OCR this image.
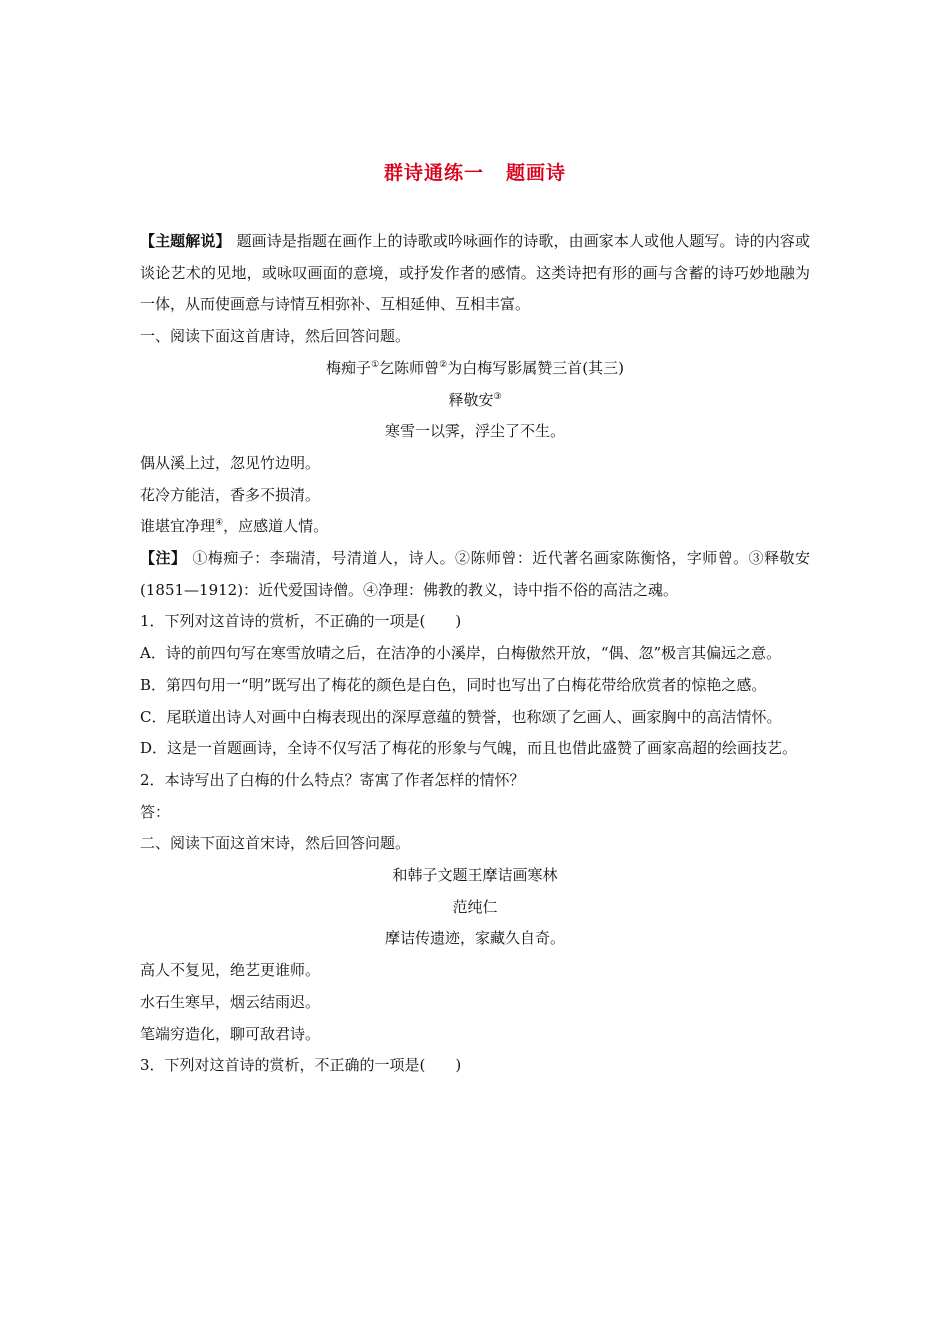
群诗通练一 题画诗

【主题解说】 题画诗是指题在画作上的诗歌或吟咏画作的诗歌，由画家本人或他人题写。诗的内容或谈论艺术的见地，或咏叹画面的意境，或抒发作者的感情。这类诗把有形的画与含蓄的诗巧妙地融为一体，从而使画意与诗情互相弥补、互相延伸、互相丰富。

一、阅读下面这首唐诗，然后回答问题。

梅痴子①乞陈师曾②为白梅写影属赞三首(其三)

释敬安③

寒雪一以霁，浮尘了不生。

偶从溪上过，忽见竹边明。

花冷方能洁，香多不损清。

谁堪宜净理④，应感道人情。

【注】 ①梅痴子：李瑞清，号清道人，诗人。②陈师曾：近代著名画家陈衡恪，字师曾。③释敬安(1851—1912)：近代爱国诗僧。④净理：佛教的教义，诗中指不俗的高洁之魂。

1．下列对这首诗的赏析，不正确的一项是(　　)

A．诗的前四句写在寒雪放晴之后，在洁净的小溪岸，白梅傲然开放，“偶、忽”极言其偏远之意。

B．第四句用一“明”既写出了梅花的颜色是白色，同时也写出了白梅花带给欣赏者的惊艳之感。

C．尾联道出诗人对画中白梅表现出的深厚意蕴的赞誉，也称颂了乞画人、画家胸中的高洁情怀。

D．这是一首题画诗，全诗不仅写活了梅花的形象与气魄，而且也借此盛赞了画家高超的绘画技艺。

2．本诗写出了白梅的什么特点？寄寓了作者怎样的情怀？

答：

二、阅读下面这首宋诗，然后回答问题。

和韩子文题王摩诘画寒林

范纯仁

摩诘传遗迹，家藏久自奇。

高人不复见，绝艺更谁师。

水石生寒早，烟云结雨迟。

笔端穷造化，聊可敌君诗。

3．下列对这首诗的赏析，不正确的一项是(　　)
